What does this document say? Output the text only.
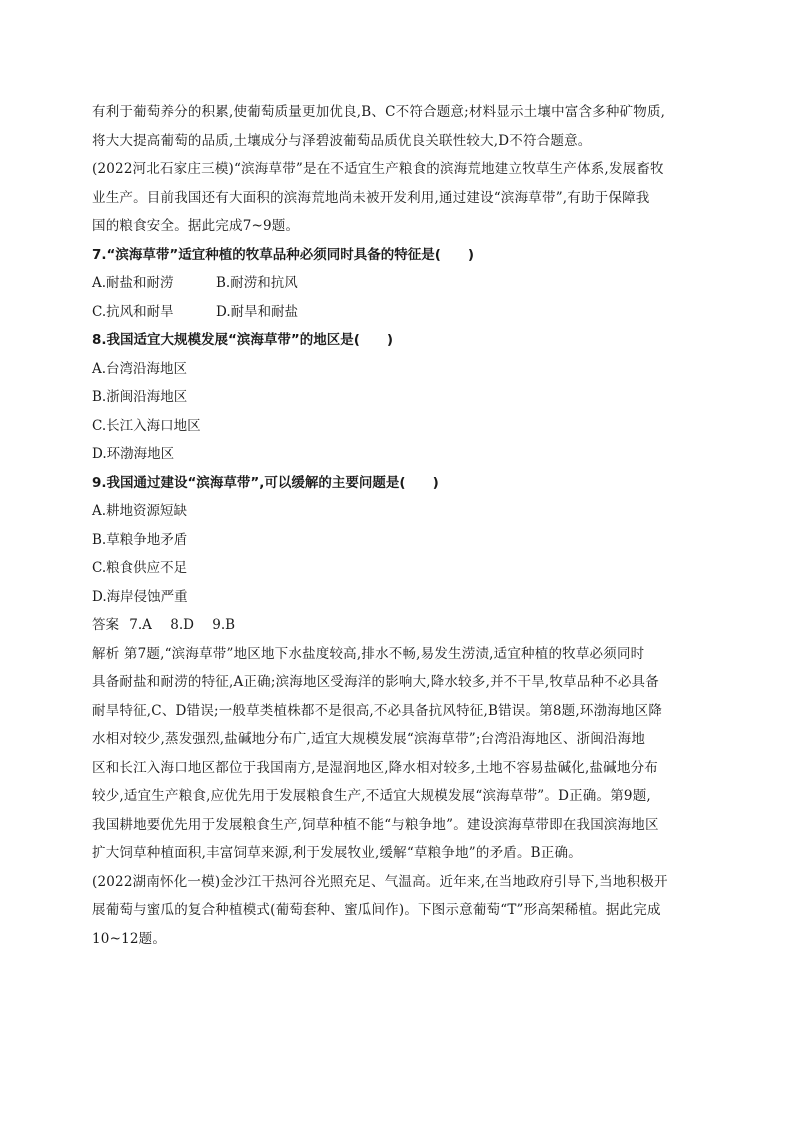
有利于葡萄养分的积累,使葡萄质量更加优良,B、C不符合题意;材料显示土壤中富含多种矿物质,
将大大提高葡萄的品质,土壤成分与泽碧波葡萄品质优良关联性较大,D不符合题意。
(2022河北石家庄三模)“滨海草带”是在不适宜生产粮食的滨海荒地建立牧草生产体系,发展畜牧
业生产。目前我国还有大面积的滨海荒地尚未被开发利用,通过建设“滨海草带”,有助于保障我
国的粮食安全。据此完成7~9题。

7.“滨海草带”适宜种植的牧草品种必须同时具备的特征是(　　)

A.耐盐和耐涝	B.耐涝和抗风
C.抗风和耐旱	D.耐旱和耐盐

8.我国适宜大规模发展“滨海草带”的地区是(　　)

A.台湾沿海地区

B.浙闽沿海地区

C.长江入海口地区

D.环渤海地区

9.我国通过建设“滨海草带”,可以缓解的主要问题是(　　)

A.耕地资源短缺

B.草粮争地矛盾

C.粮食供应不足

D.海岸侵蚀严重

答案 7.A 8.D 9.B

解析 第7题,“滨海草带”地区地下水盐度较高,排水不畅,易发生涝渍,适宜种植的牧草必须同时
具备耐盐和耐涝的特征,A正确;滨海地区受海洋的影响大,降水较多,并不干旱,牧草品种不必具备
耐旱特征,C、D错误;一般草类植株都不是很高,不必具备抗风特征,B错误。第8题,环渤海地区降
水相对较少,蒸发强烈,盐碱地分布广,适宜大规模发展“滨海草带”;台湾沿海地区、浙闽沿海地
区和长江入海口地区都位于我国南方,是湿润地区,降水相对较多,土地不容易盐碱化,盐碱地分布
较少,适宜生产粮食,应优先用于发展粮食生产,不适宜大规模发展“滨海草带”。D正确。第9题,
我国耕地要优先用于发展粮食生产,饲草种植不能“与粮争地”。建设滨海草带即在我国滨海地区
扩大饲草种植面积,丰富饲草来源,利于发展牧业,缓解“草粮争地”的矛盾。B正确。
(2022湖南怀化一模)金沙江干热河谷光照充足、气温高。近年来,在当地政府引导下,当地积极开
展葡萄与蜜瓜的复合种植模式(葡萄套种、蜜瓜间作)。下图示意葡萄“T”形高架稀植。据此完成
10~12题。
